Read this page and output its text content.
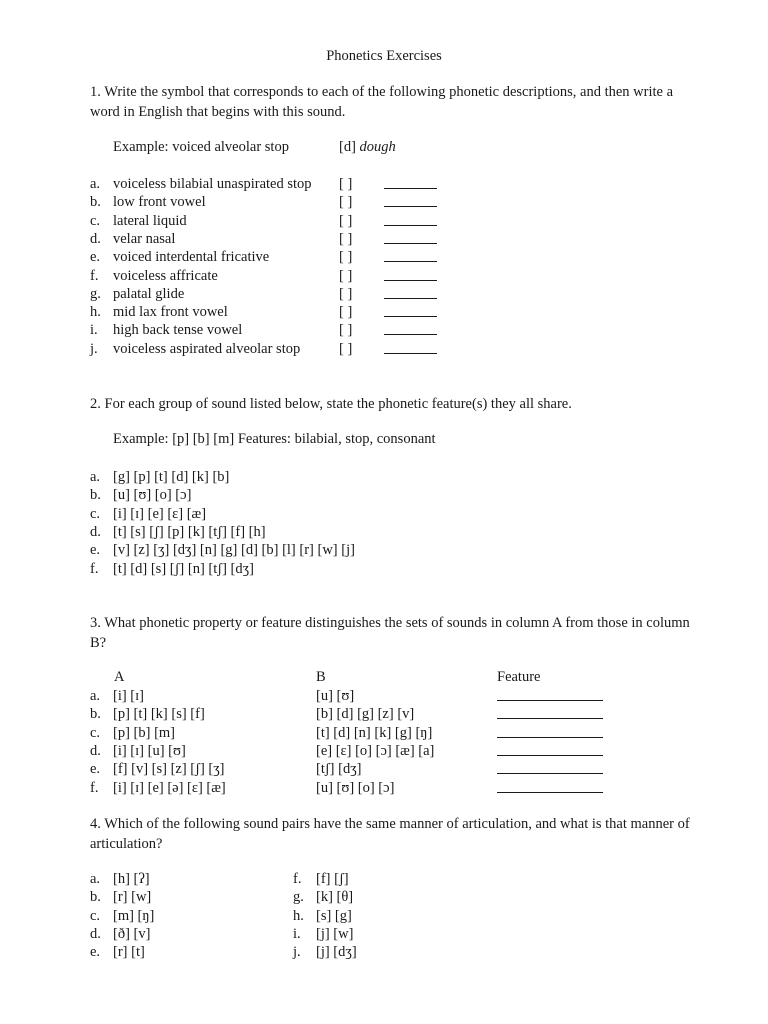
Phonetics Exercises
1. Write the symbol that corresponds to each of the following phonetic descriptions, and then write a word in English that begins with this sound.
Example: voiced alveolar stop	[d] dough
a. voiceless bilabial unaspirated stop [ ]
b. low front vowel	[ ]
c. lateral liquid	[ ]
d. velar nasal	[ ]
e. voiced interdental fricative	[ ]
f. voiceless affricate	[ ]
g. palatal glide	[ ]
h. mid lax front vowel	[ ]
i. high back tense vowel	[ ]
j. voiceless aspirated alveolar stop	[ ]
2. For each group of sound listed below, state the phonetic feature(s) they all share.
Example: [p] [b] [m] Features: bilabial, stop, consonant
a. [g] [p] [t] [d] [k] [b]
b. [u] [ʊ] [o] [ɔ]
c. [i] [ɪ] [e] [ɛ] [æ]
d. [t] [s] [ʃ] [p] [k] [tʃ] [f] [h]
e. [v] [z] [ʒ] [dʒ] [n] [g] [d] [b] [l] [r] [w] [j]
f. [t] [d] [s] [ʃ] [n] [tʃ] [dʒ]
3. What phonetic property or feature distinguishes the sets of sounds in column A from those in column B?
A	B	Feature
a. [i] [ɪ]	[u] [ʊ]
b. [p] [t] [k] [s] [f]	[b] [d] [g] [z] [v]
c. [p] [b] [m]	[t] [d] [n] [k] [g] [ŋ]
d. [i] [ɪ] [u] [ʊ]	[e] [ɛ] [o] [ɔ] [æ] [a]
e. [f] [v] [s] [z] [ʃ] [ʒ]	[tʃ] [dʒ]
f. [i] [ɪ] [e] [ə] [ɛ] [æ]	[u] [ʊ] [o] [ɔ]
4. Which of the following sound pairs have the same manner of articulation, and what is that manner of articulation?
a. [h] [ʔ]	f. [f] [ʃ]
b. [r] [w]	g. [k] [θ]
c. [m] [ŋ]	h. [s] [g]
d. [ð] [v]	i. [j] [w]
e. [r] [t]	j. [j] [dʒ]
